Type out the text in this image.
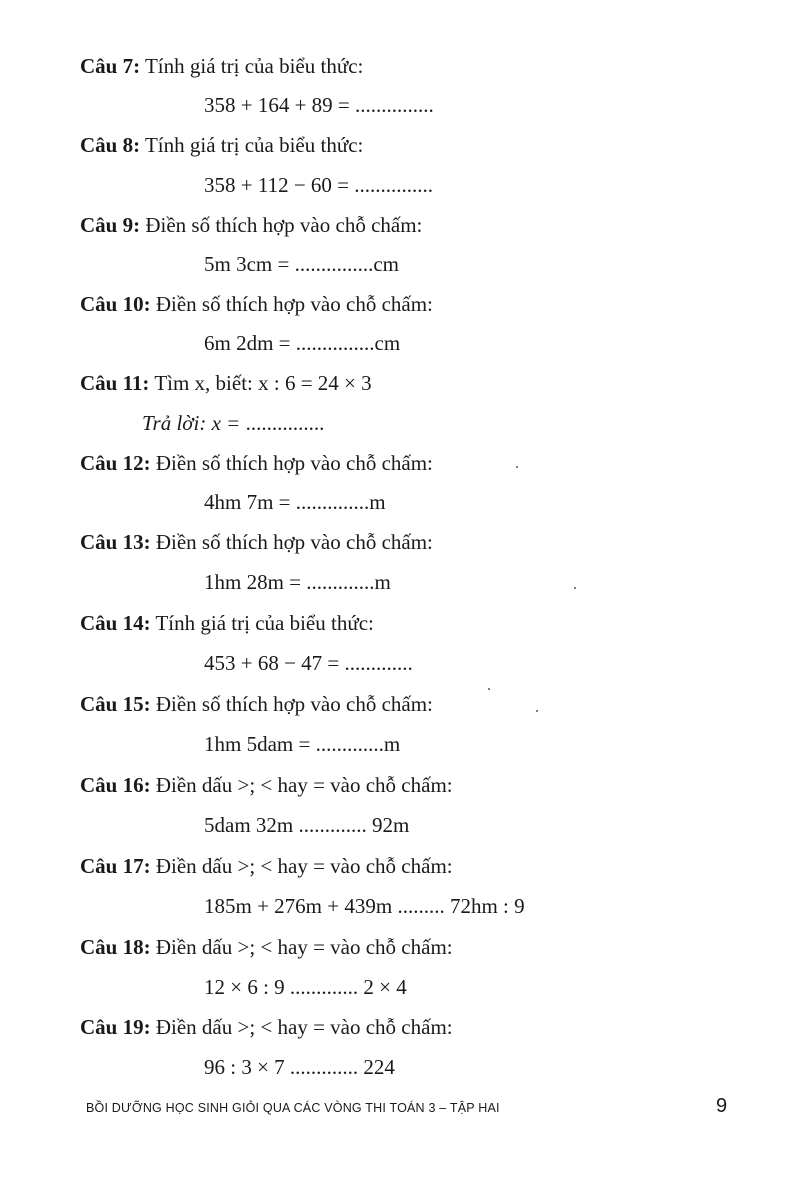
Câu 7: Tính giá trị của biểu thức:
358 + 164 + 89 = ...............
Câu 8: Tính giá trị của biểu thức:
358 + 112 − 60 = ...............
Câu 9: Điền số thích hợp vào chỗ chấm:
5m 3cm = ...............cm
Câu 10: Điền số thích hợp vào chỗ chấm:
6m 2dm = ...............cm
Câu 11: Tìm x, biết: x : 6 = 24 × 3
Trả lời: x = ...............
Câu 12: Điền số thích hợp vào chỗ chấm:
4hm 7m = ..............m
Câu 13: Điền số thích hợp vào chỗ chấm:
1hm 28m = .............m
Câu 14: Tính giá trị của biểu thức:
453 + 68 − 47 = .............
Câu 15: Điền số thích hợp vào chỗ chấm:
1hm 5dam = .............m
Câu 16: Điền dấu >; < hay = vào chỗ chấm:
5dam 32m ............. 92m
Câu 17: Điền dấu >; < hay = vào chỗ chấm:
185m + 276m + 439m ......... 72hm : 9
Câu 18: Điền dấu >; < hay = vào chỗ chấm:
12 × 6 : 9 ............. 2 × 4
Câu 19: Điền dấu >; < hay = vào chỗ chấm:
96 : 3 × 7 ............. 224
BỒI DƯỠNG HỌC SINH GIỎI QUA CÁC VÒNG THI TOÁN 3 – TẬP HAI	9
